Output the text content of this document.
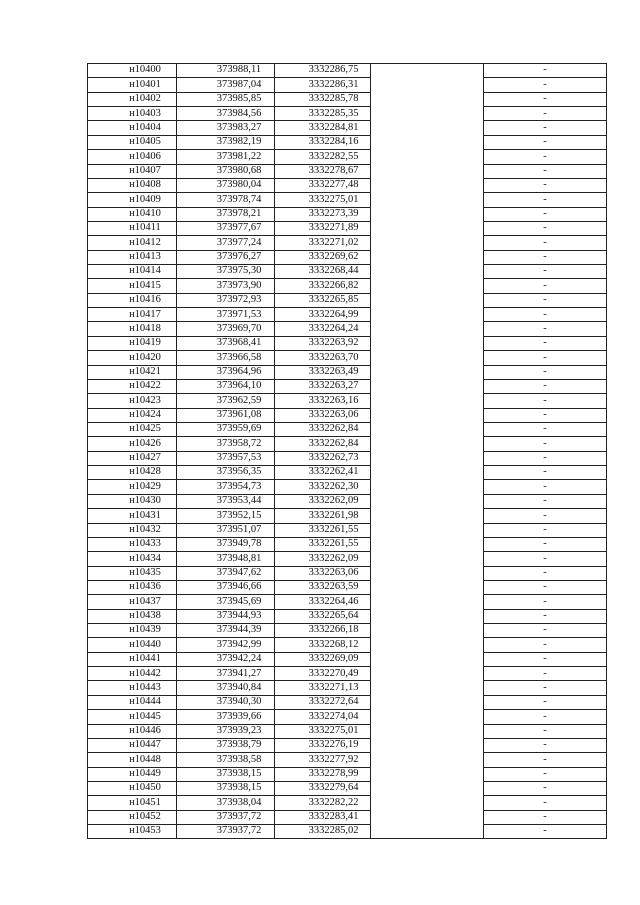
н10400	373988,11	3332286,75		-
н10401	373987,04	3332286,31		-
н10402	373985,85	3332285,78		-
н10403	373984,56	3332285,35		-
н10404	373983,27	3332284,81		-
н10405	373982,19	3332284,16		-
н10406	373981,22	3332282,55		-
н10407	373980,68	3332278,67		-
н10408	373980,04	3332277,48		-
н10409	373978,74	3332275,01		-
н10410	373978,21	3332273,39		-
н10411	373977,67	3332271,89		-
н10412	373977,24	3332271,02		-
н10413	373976,27	3332269,62		-
н10414	373975,30	3332268,44		-
н10415	373973,90	3332266,82		-
н10416	373972,93	3332265,85		-
н10417	373971,53	3332264,99		-
н10418	373969,70	3332264,24		-
н10419	373968,41	3332263,92		-
н10420	373966,58	3332263,70		-
н10421	373964,96	3332263,49		-
н10422	373964,10	3332263,27		-
н10423	373962,59	3332263,16		-
н10424	373961,08	3332263,06		-
н10425	373959,69	3332262,84		-
н10426	373958,72	3332262,84		-
н10427	373957,53	3332262,73		-
н10428	373956,35	3332262,41		-
н10429	373954,73	3332262,30		-
н10430	373953,44	3332262,09		-
н10431	373952,15	3332261,98		-
н10432	373951,07	3332261,55		-
н10433	373949,78	3332261,55		-
н10434	373948,81	3332262,09		-
н10435	373947,62	3332263,06		-
н10436	373946,66	3332263,59		-
н10437	373945,69	3332264,46		-
н10438	373944,93	3332265,64		-
н10439	373944,39	3332266,18		-
н10440	373942,99	3332268,12		-
н10441	373942,24	3332269,09		-
н10442	373941,27	3332270,49		-
н10443	373940,84	3332271,13		-
н10444	373940,30	3332272,64		-
н10445	373939,66	3332274,04		-
н10446	373939,23	3332275,01		-
н10447	373938,79	3332276,19		-
н10448	373938,58	3332277,92		-
н10449	373938,15	3332278,99		-
н10450	373938,15	3332279,64		-
н10451	373938,04	3332282,22		-
н10452	373937,72	3332283,41		-
н10453	373937,72	3332285,02		-
